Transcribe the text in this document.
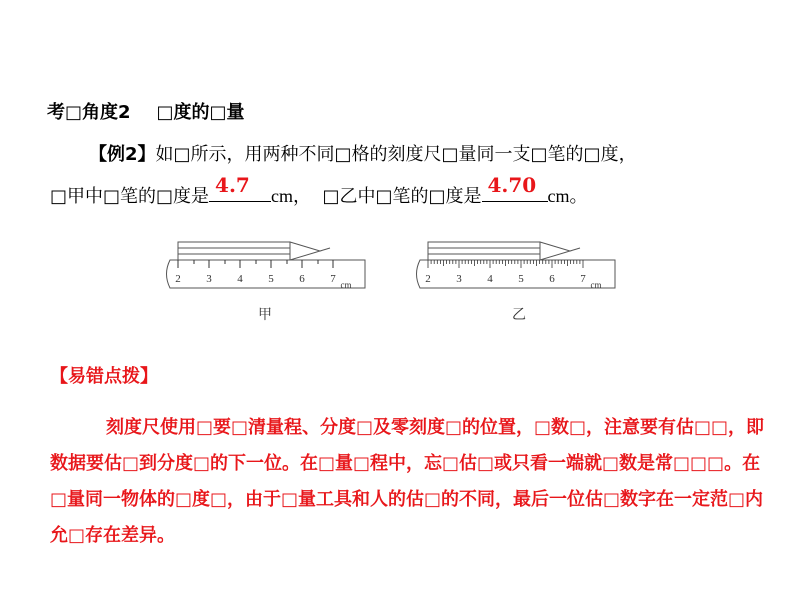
考□角度2 □度的□量
【例2】如□所示，用两种不同□格的刻度尺□量同一支□笔的□度，
□甲中□笔的□度是 4.7 cm， □乙中□笔的□度是 4.70 cm。
2 3 4 5 6 7 cm
甲
2 3 4 5 6 7 cm
乙
【易错点拨】
刻度尺使用□要□清量程、分度□及零刻度□的位置，□数□，注意要有估□□，即数据要估□到分度□的下一位。在□量□程中，忘□估□或只看一端就□数是常□□□。在□量同一物体的□度□，由于□量工具和人的估□的不同，最后一位估□数字在一定范□内允□存在差异。
